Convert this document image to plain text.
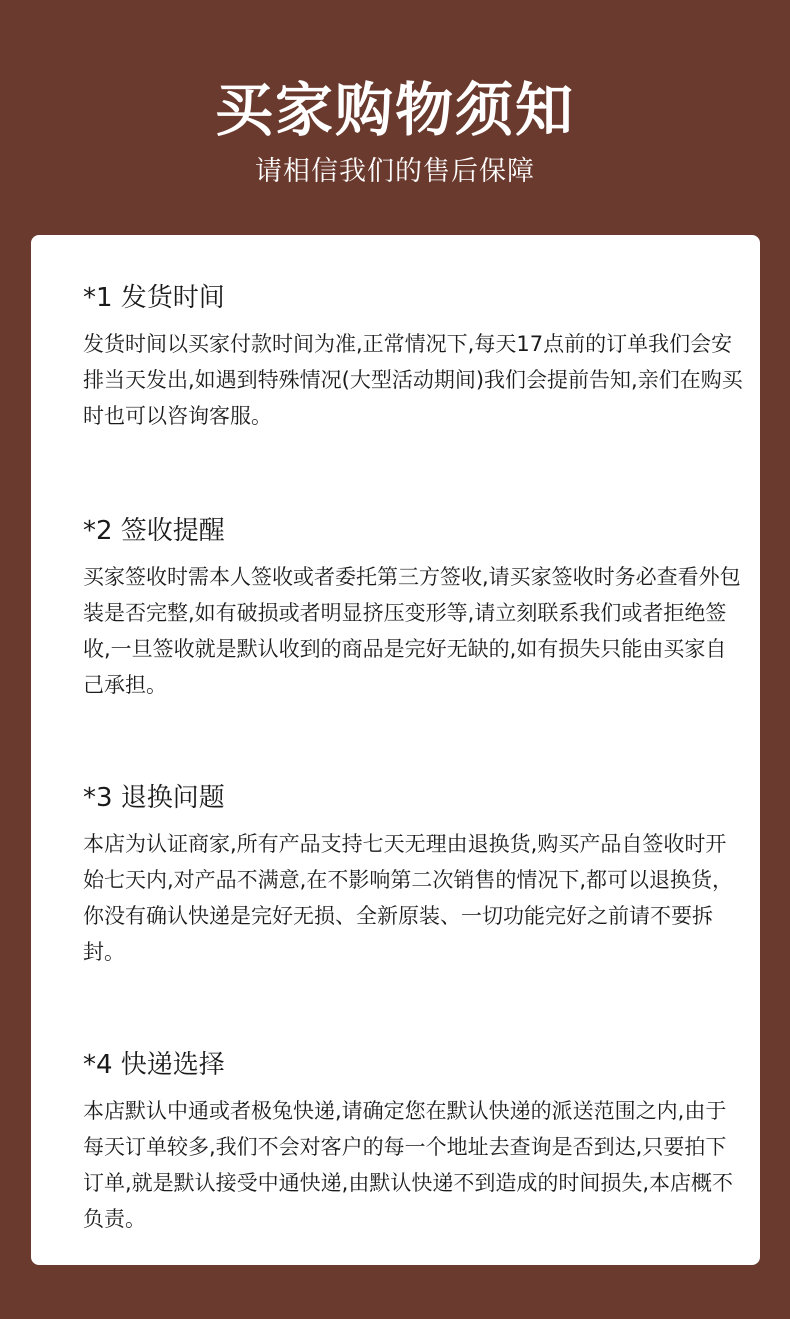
买家购物须知
请相信我们的售后保障
*1 发货时间

发货时间以买家付款时间为准,正常情况下,每天17点前的订单我们会安排当天发出,如遇到特殊情况(大型活动期间)我们会提前告知,亲们在购买时也可以咨询客服。

*2 签收提醒

买家签收时需本人签收或者委托第三方签收,请买家签收时务必查看外包装是否完整,如有破损或者明显挤压变形等,请立刻联系我们或者拒绝签收,一旦签收就是默认收到的商品是完好无缺的,如有损失只能由买家自己承担。

*3 退换问题

本店为认证商家,所有产品支持七天无理由退换货,购买产品自签收时开始七天内,对产品不满意,在不影响第二次销售的情况下,都可以退换货，你没有确认快递是完好无损、全新原装、一切功能完好之前请不要拆封。

*4 快递选择

本店默认中通或者极兔快递,请确定您在默认快递的派送范围之内,由于每天订单较多,我们不会对客户的每一个地址去查询是否到达,只要拍下订单,就是默认接受中通快递,由默认快递不到造成的时间损失,本店概不负责。
